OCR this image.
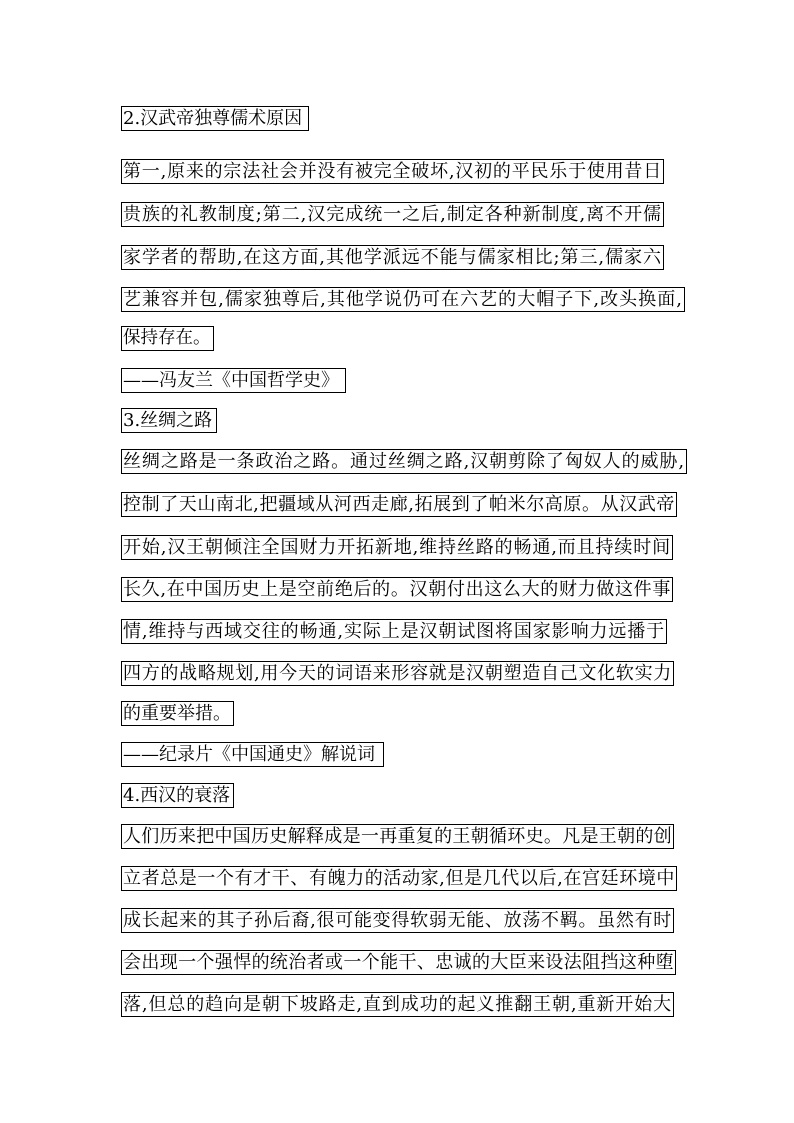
2.汉武帝独尊儒术原因
第一,原来的宗法社会并没有被完全破坏,汉初的平民乐于使用昔日
贵族的礼教制度;第二,汉完成统一之后,制定各种新制度,离不开儒
家学者的帮助,在这方面,其他学派远不能与儒家相比;第三,儒家六
艺兼容并包,儒家独尊后,其他学说仍可在六艺的大帽子下,改头换面,
保持存在。
——冯友兰《中国哲学史》
3.丝绸之路
丝绸之路是一条政治之路。通过丝绸之路,汉朝剪除了匈奴人的威胁,
控制了天山南北,把疆域从河西走廊,拓展到了帕米尔高原。从汉武帝
开始,汉王朝倾注全国财力开拓新地,维持丝路的畅通,而且持续时间
长久,在中国历史上是空前绝后的。汉朝付出这么大的财力做这件事
情,维持与西域交往的畅通,实际上是汉朝试图将国家影响力远播于
四方的战略规划,用今天的词语来形容就是汉朝塑造自己文化软实力
的重要举措。
——纪录片《中国通史》解说词
4.西汉的衰落
人们历来把中国历史解释成是一再重复的王朝循环史。凡是王朝的创
立者总是一个有才干、有魄力的活动家,但是几代以后,在宫廷环境中
成长起来的其子孙后裔,很可能变得软弱无能、放荡不羁。虽然有时
会出现一个强悍的统治者或一个能干、忠诚的大臣来设法阻挡这种堕
落,但总的趋向是朝下坡路走,直到成功的起义推翻王朝,重新开始大
